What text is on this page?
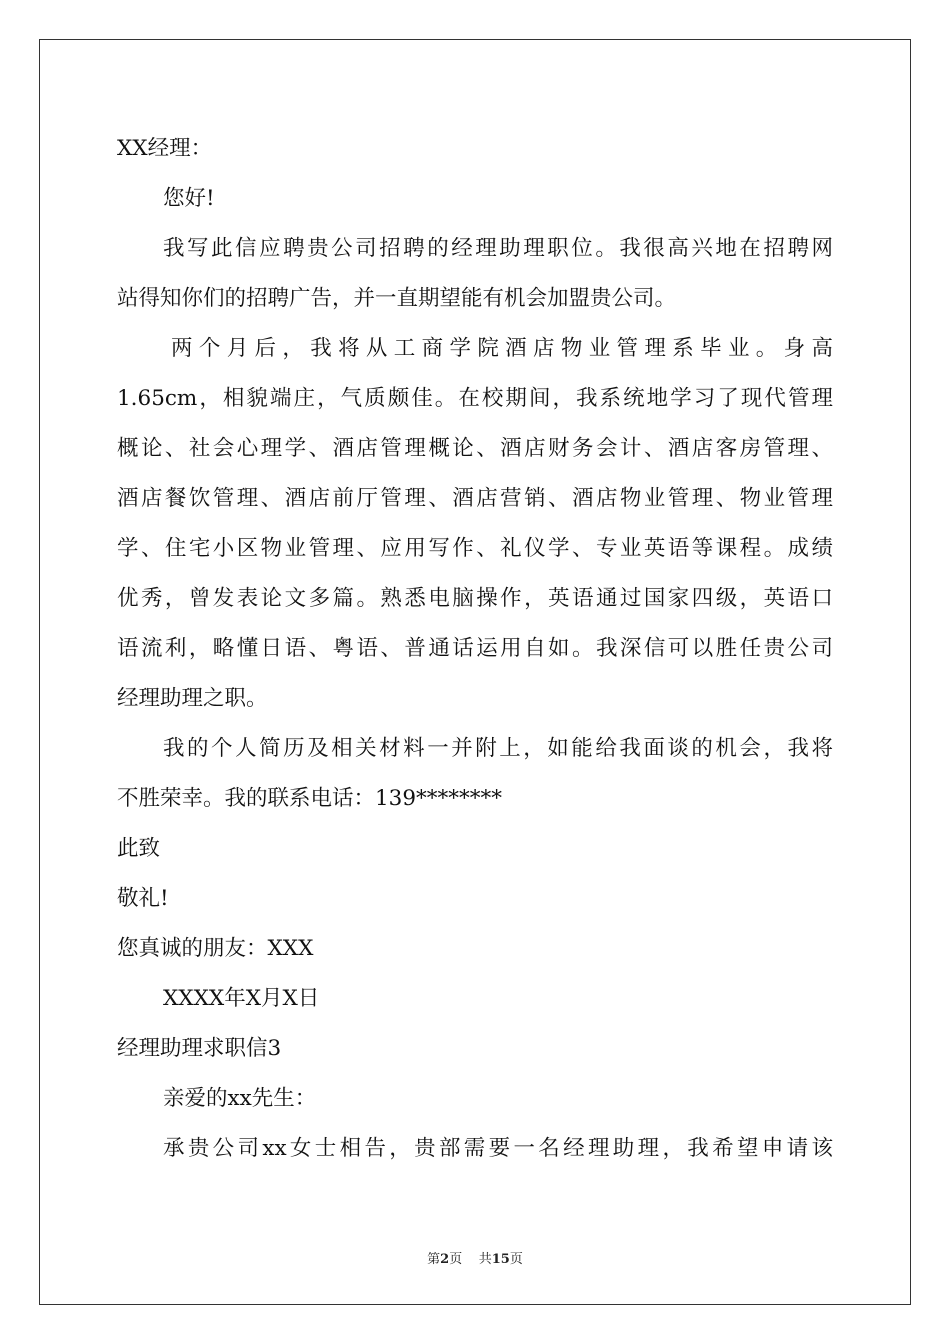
XX经理：
您好!
我写此信应聘贵公司招聘的经理助理职位。我很高兴地在招聘网
站得知你们的招聘广告，并一直期望能有机会加盟贵公司。
两个月后，我将从工商学院酒店物业管理系毕业。身高
1.65cm，相貌端庄，气质颇佳。在校期间，我系统地学习了现代管理
概论、社会心理学、酒店管理概论、酒店财务会计、酒店客房管理、
酒店餐饮管理、酒店前厅管理、酒店营销、酒店物业管理、物业管理
学、住宅小区物业管理、应用写作、礼仪学、专业英语等课程。成绩
优秀，曾发表论文多篇。熟悉电脑操作，英语通过国家四级，英语口
语流利，略懂日语、粤语、普通话运用自如。我深信可以胜任贵公司
经理助理之职。
我的个人简历及相关材料一并附上，如能给我面谈的机会，我将
不胜荣幸。我的联系电话：139********
此致
敬礼!
您真诚的朋友：XXX
XXXX年X月X日
经理助理求职信3
亲爱的xx先生：
承贵公司xx女士相告，贵部需要一名经理助理，我希望申请该
第2页 共15页
